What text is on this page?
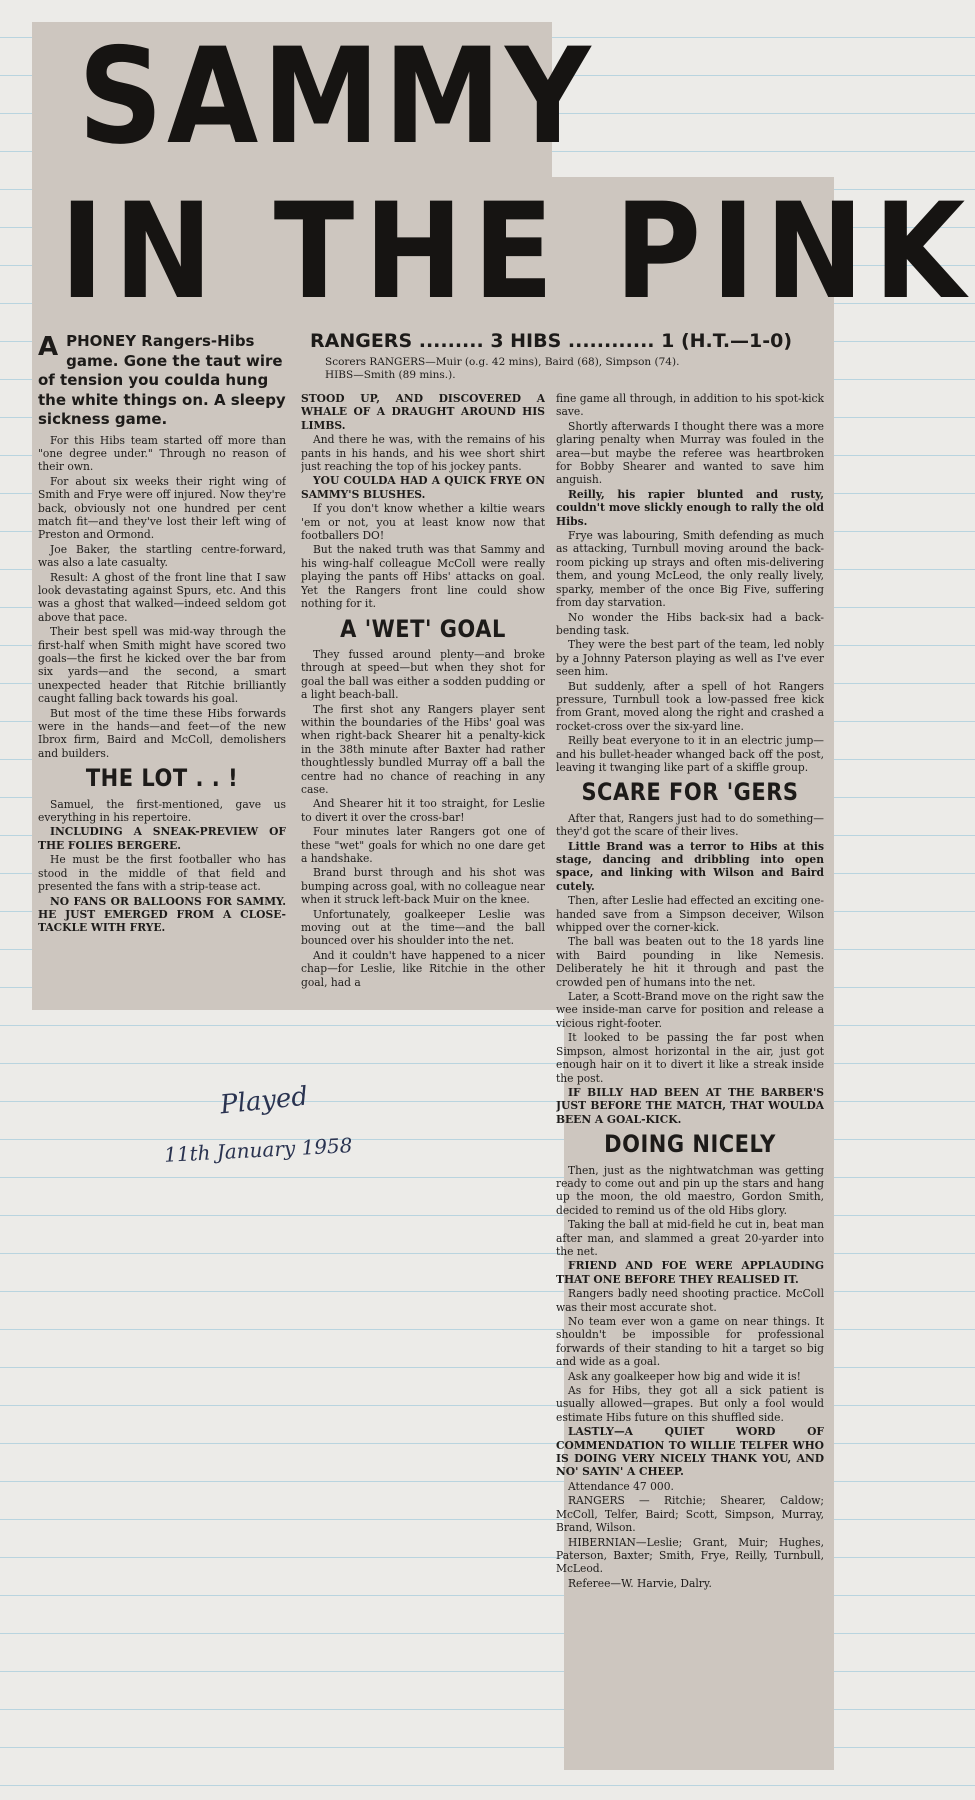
SAMMY
IN THE PINK
RANGERS ......... 3 HIBS ............ 1 (H.T.—1-0)
Scorers RANGERS—Muir (o.g. 42 mins), Baird (68), Simpson (74).
HIBS—Smith (89 mins.).
A PHONEY Rangers-Hibs game. Gone the taut wire of tension you coulda hung the white things on. A sleepy sickness game.

For this Hibs team started off more than "one degree under." Through no reason of their own.

For about six weeks their right wing of Smith and Frye were off injured. Now they're back, obviously not one hundred per cent match fit—and they've lost their left wing of Preston and Ormond.

Joe Baker, the startling centre-forward, was also a late casualty.

Result: A ghost of the front line that I saw look devastating against Spurs, etc. And this was a ghost that walked—indeed seldom got above that pace.

Their best spell was mid-way through the first-half when Smith might have scored two goals—the first he kicked over the bar from six yards—and the second, a smart unexpected header that Ritchie brilliantly caught falling back towards his goal.

But most of the time these Hibs forwards were in the hands—and feet—of the new Ibrox firm, Baird and McColl, demolishers and builders.

THE LOT . . !

Samuel, the first-mentioned, gave us everything in his repertoire.

INCLUDING A SNEAK-PREVIEW OF THE FOLIES BERGERE.

He must be the first footballer who has stood in the middle of that field and presented the fans with a strip-tease act.

NO FANS OR BALLOONS FOR SAMMY. HE JUST EMERGED FROM A CLOSE-TACKLE WITH FRYE.

STOOD UP, AND DISCOVERED A WHALE OF A DRAUGHT AROUND HIS LIMBS.

And there he was, with the remains of his pants in his hands, and his wee short shirt just reaching the top of his jockey pants.

YOU COULDA HAD A QUICK FRYE ON SAMMY'S BLUSHES.

If you don't know whether a kiltie wears 'em or not, you at least know now that footballers DO!

But the naked truth was that Sammy and his wing-half colleague McColl were really playing the pants off Hibs' attacks on goal. Yet the Rangers front line could show nothing for it.

A 'WET' GOAL

They fussed around plenty—and broke through at speed—but when they shot for goal the ball was either a sodden pudding or a light beach-ball.

The first shot any Rangers player sent within the boundaries of the Hibs' goal was when right-back Shearer hit a penalty-kick in the 38th minute after Baxter had rather thoughtlessly bundled Murray off a ball the centre had no chance of reaching in any case.

And Shearer hit it too straight, for Leslie to divert it over the cross-bar!

Four minutes later Rangers got one of these "wet" goals for which no one dare get a handshake.

Brand burst through and his shot was bumping across goal, with no colleague near when it struck left-back Muir on the knee.

Unfortunately, goalkeeper Leslie was moving out at the time—and the ball bounced over his shoulder into the net.

And it couldn't have happened to a nicer chap—for Leslie, like Ritchie in the other goal, had a

fine game all through, in addition to his spot-kick save.

Shortly afterwards I thought there was a more glaring penalty when Murray was fouled in the area—but maybe the referee was heartbroken for Bobby Shearer and wanted to save him anguish.

Reilly, his rapier blunted and rusty, couldn't move slickly enough to rally the old Hibs.

Frye was labouring, Smith defending as much as attacking, Turnbull moving around the back-room picking up strays and often mis-delivering them, and young McLeod, the only really lively, sparky, member of the once Big Five, suffering from day starvation.

No wonder the Hibs back-six had a back-bending task.

They were the best part of the team, led nobly by a Johnny Paterson playing as well as I've ever seen him.

But suddenly, after a spell of hot Rangers pressure, Turnbull took a low-passed free kick from Grant, moved along the right and crashed a rocket-cross over the six-yard line.

Reilly beat everyone to it in an electric jump—and his bullet-header whanged back off the post, leaving it twanging like part of a skiffle group.

SCARE FOR 'GERS

After that, Rangers just had to do something—they'd got the scare of their lives.

Little Brand was a terror to Hibs at this stage, dancing and dribbling into open space, and linking with Wilson and Baird cutely.

Then, after Leslie had effected an exciting one-handed save from a Simpson deceiver, Wilson whipped over the corner-kick.

The ball was beaten out to the 18 yards line with Baird pounding in like Nemesis. Deliberately he hit it through and past the crowded pen of humans into the net.

Later, a Scott-Brand move on the right saw the wee inside-man carve for position and release a vicious right-footer.

It looked to be passing the far post when Simpson, almost horizontal in the air, just got enough hair on it to divert it like a streak inside the post.

IF BILLY HAD BEEN AT THE BARBER'S JUST BEFORE THE MATCH, THAT WOULDA BEEN A GOAL-KICK.

DOING NICELY

Then, just as the nightwatchman was getting ready to come out and pin up the stars and hang up the moon, the old maestro, Gordon Smith, decided to remind us of the old Hibs glory.

Taking the ball at mid-field he cut in, beat man after man, and slammed a great 20-yarder into the net.

FRIEND AND FOE WERE APPLAUDING THAT ONE BEFORE THEY REALISED IT.

Rangers badly need shooting practice. McColl was their most accurate shot.

No team ever won a game on near things. It shouldn't be impossible for professional forwards of their standing to hit a target so big and wide as a goal.

Ask any goalkeeper how big and wide it is!

As for Hibs, they got all a sick patient is usually allowed—grapes. But only a fool would estimate Hibs future on this shuffled side.

LASTLY—A QUIET WORD OF COMMENDATION TO WILLIE TELFER WHO IS DOING VERY NICELY THANK YOU, AND NO' SAYIN' A CHEEP.

Attendance 47 000.

RANGERS — Ritchie; Shearer, Caldow; McColl, Telfer, Baird; Scott, Simpson, Murray, Brand, Wilson.

HIBERNIAN—Leslie; Grant, Muir; Hughes, Paterson, Baxter; Smith, Frye, Reilly, Turnbull, McLeod.

Referee—W. Harvie, Dalry.

Played
11th January 1958
